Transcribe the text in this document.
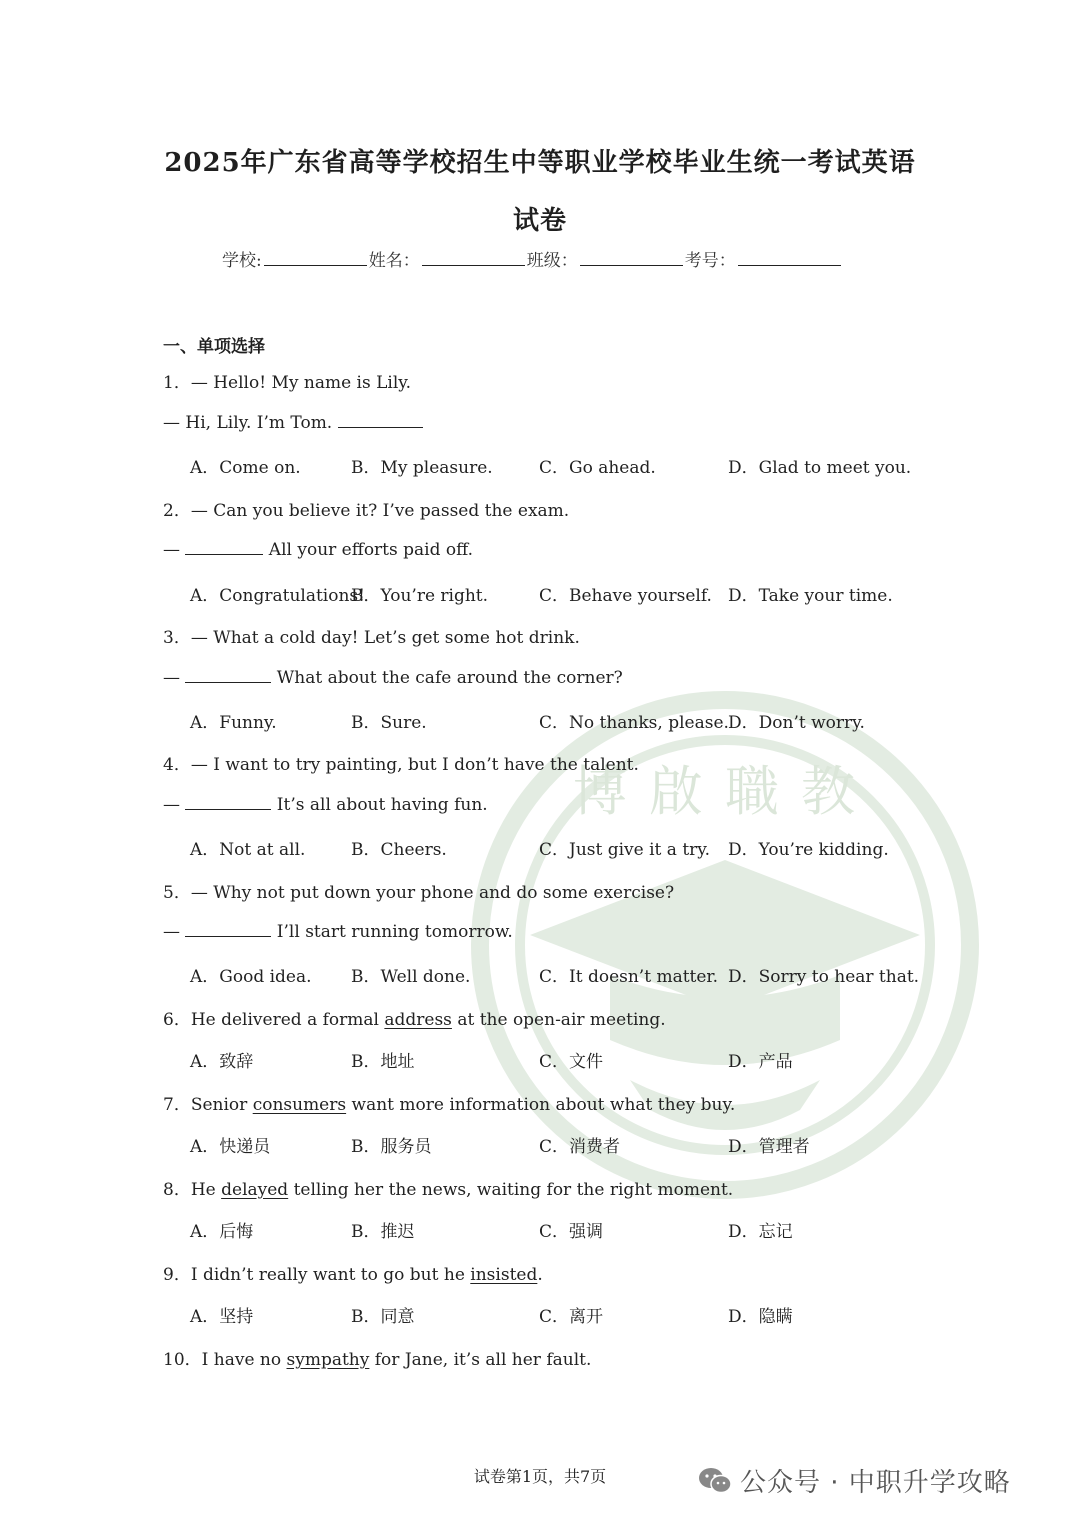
博啟職教
2025年广东省高等学校招生中等职业学校毕业生统一考试英语
试卷
学校:	姓名：	班级：	考号：
一、单项选择
1．— Hello! My name is Lily.
— Hi, Lily. I’m Tom.
A．Come on.	B．My pleasure.	C．Go ahead.	D．Glad to meet you.
2．— Can you believe it? I’ve passed the exam.
—	All your efforts paid off.
A．Congratulations!
B．You’re right.	C．Behave yourself. D．Take your time.
3．— What a cold day! Let’s get some hot drink.
—	What about the cafe around the corner?
A．Funny.	B．Sure.	C．No thanks, please. D．Don’t worry.
4．— I want to try painting, but I don’t have the talent.
—	It’s all about having fun.
A．Not at all.	B．Cheers.	C．Just give it a try. D．You’re kidding.
5．— Why not put down your phone and do some exercise?
—	I’ll start running tomorrow.
A．Good idea. B．Well done.	C．It doesn’t matter. D．Sorry to hear that.
6．He delivered a formal address at the open-air meeting.
A．致辞	B．地址	C．文件	D．产品
7．Senior consumers want more information about what they buy.
A．快递员	B．服务员	C．消费者	D．管理者
8．He delayed telling her the news, waiting for the right moment.
A．后悔	B．推迟	C．强调	D．忘记
9．I didn’t really want to go but he insisted.
A．坚持	B．同意	C．离开	D．隐瞒
10．I have no sympathy for Jane, it’s all her fault.
试卷第1页，共7页	公众号 · 中职升学攻略
